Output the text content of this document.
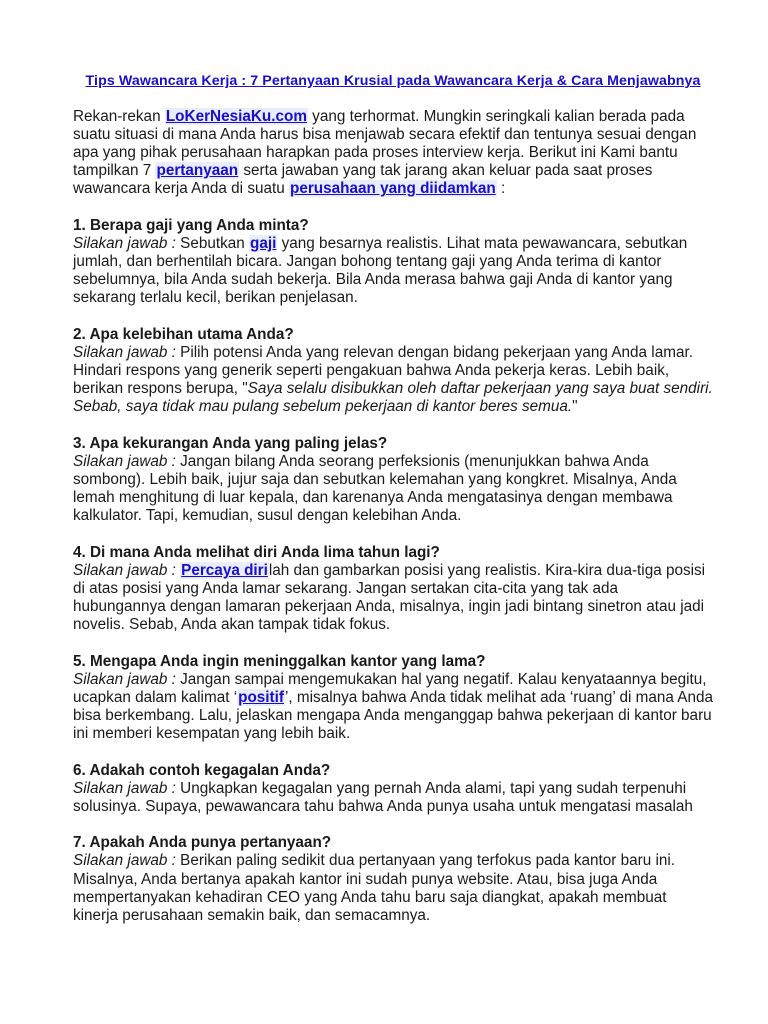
Tips Wawancara Kerja : 7 Pertanyaan Krusial pada Wawancara Kerja & Cara Menjawabnya

Rekan-rekan LoKerNesiaKu.com yang terhormat. Mungkin seringkali kalian berada pada suatu situasi di mana Anda harus bisa menjawab secara efektif dan tentunya sesuai dengan apa yang pihak perusahaan harapkan pada proses interview kerja. Berikut ini Kami bantu tampilkan 7 pertanyaan serta jawaban yang tak jarang akan keluar pada saat proses wawancara kerja Anda di suatu perusahaan yang diidamkan :

1. Berapa gaji yang Anda minta?

Silakan jawab : Sebutkan gaji yang besarnya realistis. Lihat mata pewawancara, sebutkan jumlah, dan berhentilah bicara. Jangan bohong tentang gaji yang Anda terima di kantor sebelumnya, bila Anda sudah bekerja. Bila Anda merasa bahwa gaji Anda di kantor yang sekarang terlalu kecil, berikan penjelasan.

2. Apa kelebihan utama Anda?

Silakan jawab : Pilih potensi Anda yang relevan dengan bidang pekerjaan yang Anda lamar. Hindari respons yang generik seperti pengakuan bahwa Anda pekerja keras. Lebih baik, berikan respons berupa, "Saya selalu disibukkan oleh daftar pekerjaan yang saya buat sendiri. Sebab, saya tidak mau pulang sebelum pekerjaan di kantor beres semua."

3. Apa kekurangan Anda yang paling jelas?

Silakan jawab : Jangan bilang Anda seorang perfeksionis (menunjukkan bahwa Anda sombong). Lebih baik, jujur saja dan sebutkan kelemahan yang kongkret. Misalnya, Anda lemah menghitung di luar kepala, dan karenanya Anda mengatasinya dengan membawa kalkulator. Tapi, kemudian, susul dengan kelebihan Anda.

4. Di mana Anda melihat diri Anda lima tahun lagi?

Silakan jawab : Percaya dirilah dan gambarkan posisi yang realistis. Kira-kira dua-tiga posisi di atas posisi yang Anda lamar sekarang. Jangan sertakan cita-cita yang tak ada hubungannya dengan lamaran pekerjaan Anda, misalnya, ingin jadi bintang sinetron atau jadi novelis. Sebab, Anda akan tampak tidak fokus.

5. Mengapa Anda ingin meninggalkan kantor yang lama?

Silakan jawab : Jangan sampai mengemukakan hal yang negatif. Kalau kenyataannya begitu, ucapkan dalam kalimat ‘positif’, misalnya bahwa Anda tidak melihat ada ‘ruang’ di mana Anda bisa berkembang. Lalu, jelaskan mengapa Anda menganggap bahwa pekerjaan di kantor baru ini memberi kesempatan yang lebih baik.

6. Adakah contoh kegagalan Anda?

Silakan jawab : Ungkapkan kegagalan yang pernah Anda alami, tapi yang sudah terpenuhi solusinya. Supaya, pewawancara tahu bahwa Anda punya usaha untuk mengatasi masalah

7. Apakah Anda punya pertanyaan?

Silakan jawab : Berikan paling sedikit dua pertanyaan yang terfokus pada kantor baru ini. Misalnya, Anda bertanya apakah kantor ini sudah punya website. Atau, bisa juga Anda mempertanyakan kehadiran CEO yang Anda tahu baru saja diangkat, apakah membuat kinerja perusahaan semakin baik, dan semacamnya.
